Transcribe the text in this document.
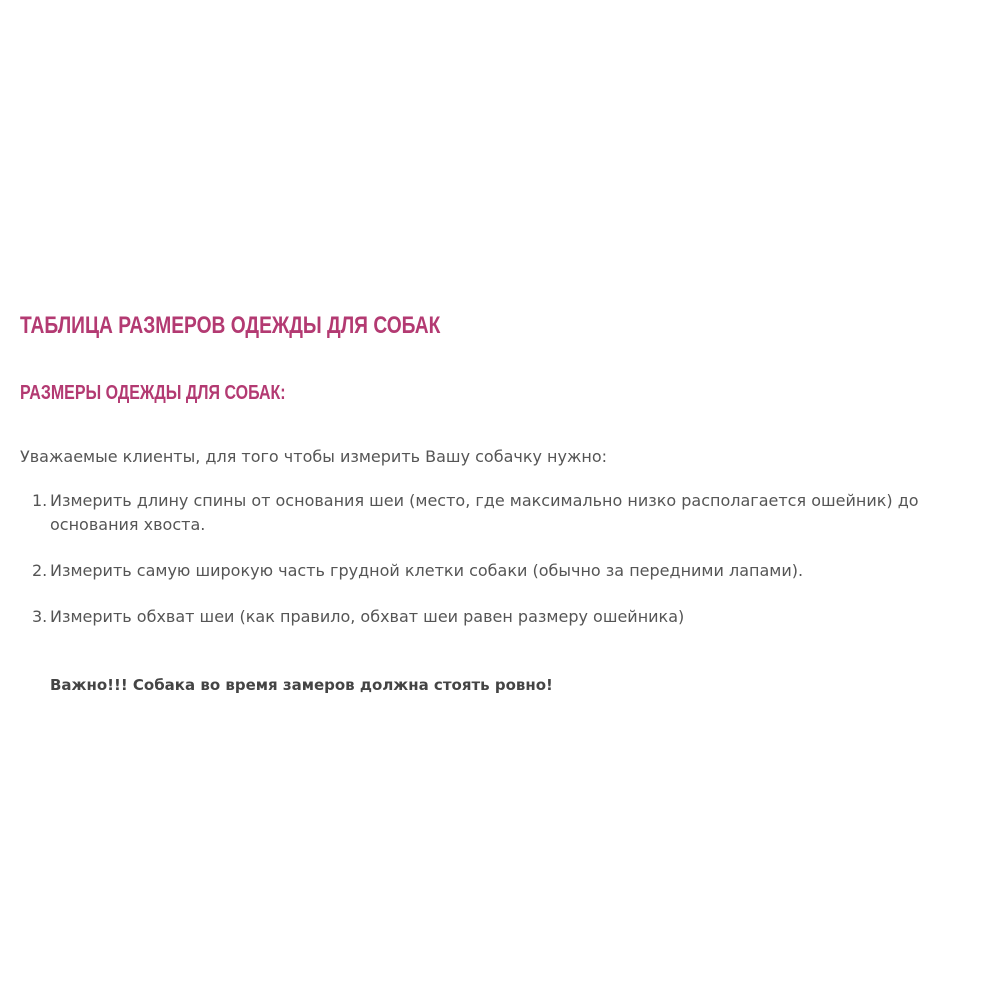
ТАБЛИЦА РАЗМЕРОВ ОДЕЖДЫ ДЛЯ СОБАК
РАЗМЕРЫ ОДЕЖДЫ ДЛЯ СОБАК:

Уважаемые клиенты, для того чтобы измерить Вашу собачку нужно:

1. Измерить длину спины от основания шеи (место, где максимально низко располагается ошейник) до основания хвоста.
2. Измерить самую широкую часть грудной клетки собаки (обычно за передними лапами).
3. Измерить обхват шеи (как правило, обхват шеи равен размеру ошейника)

Важно!!! Собака во время замеров должна стоять ровно!
